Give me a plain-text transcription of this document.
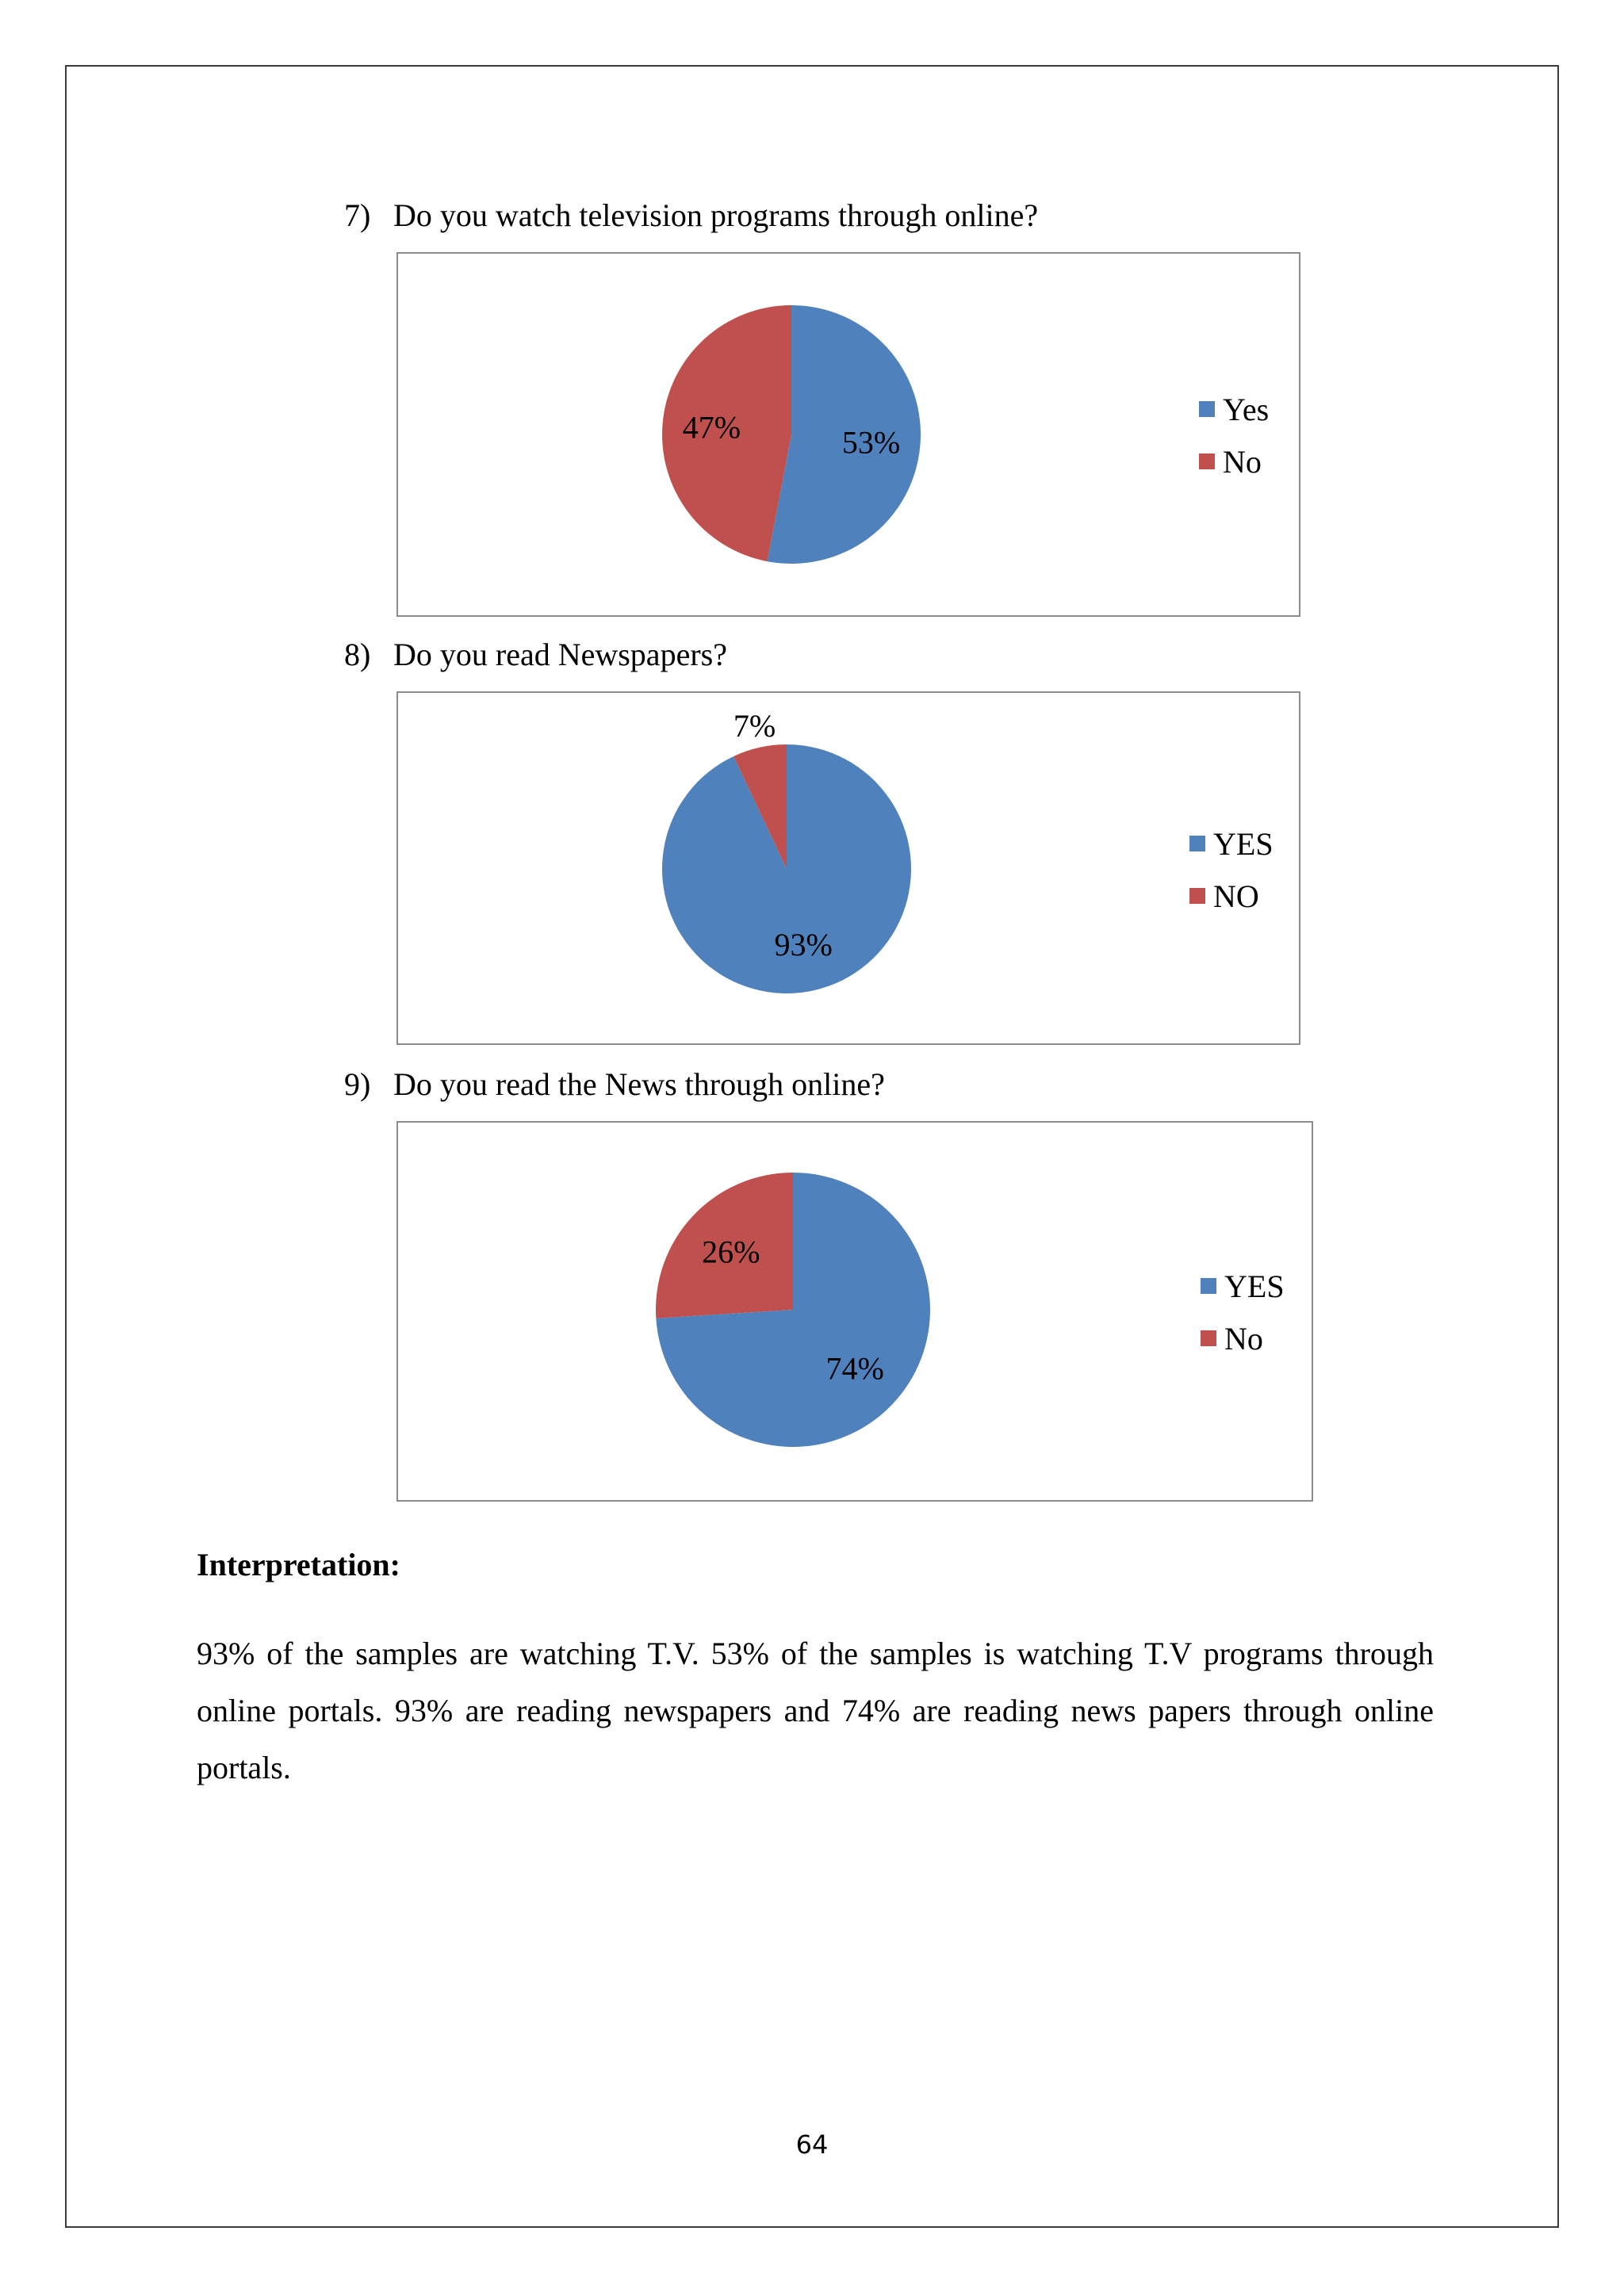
7) Do you watch television programs through online?
53%
47%	Yes
No
8) Do you read Newspapers?
93%
7%
YES
NO
9) Do you read the News through online?
74%
26%
YES
No
Interpretation:
93% of the samples are watching T.V. 53% of the samples is watching T.V programs through online portals. 93% are reading newspapers and 74% are reading news papers through online portals.
64
